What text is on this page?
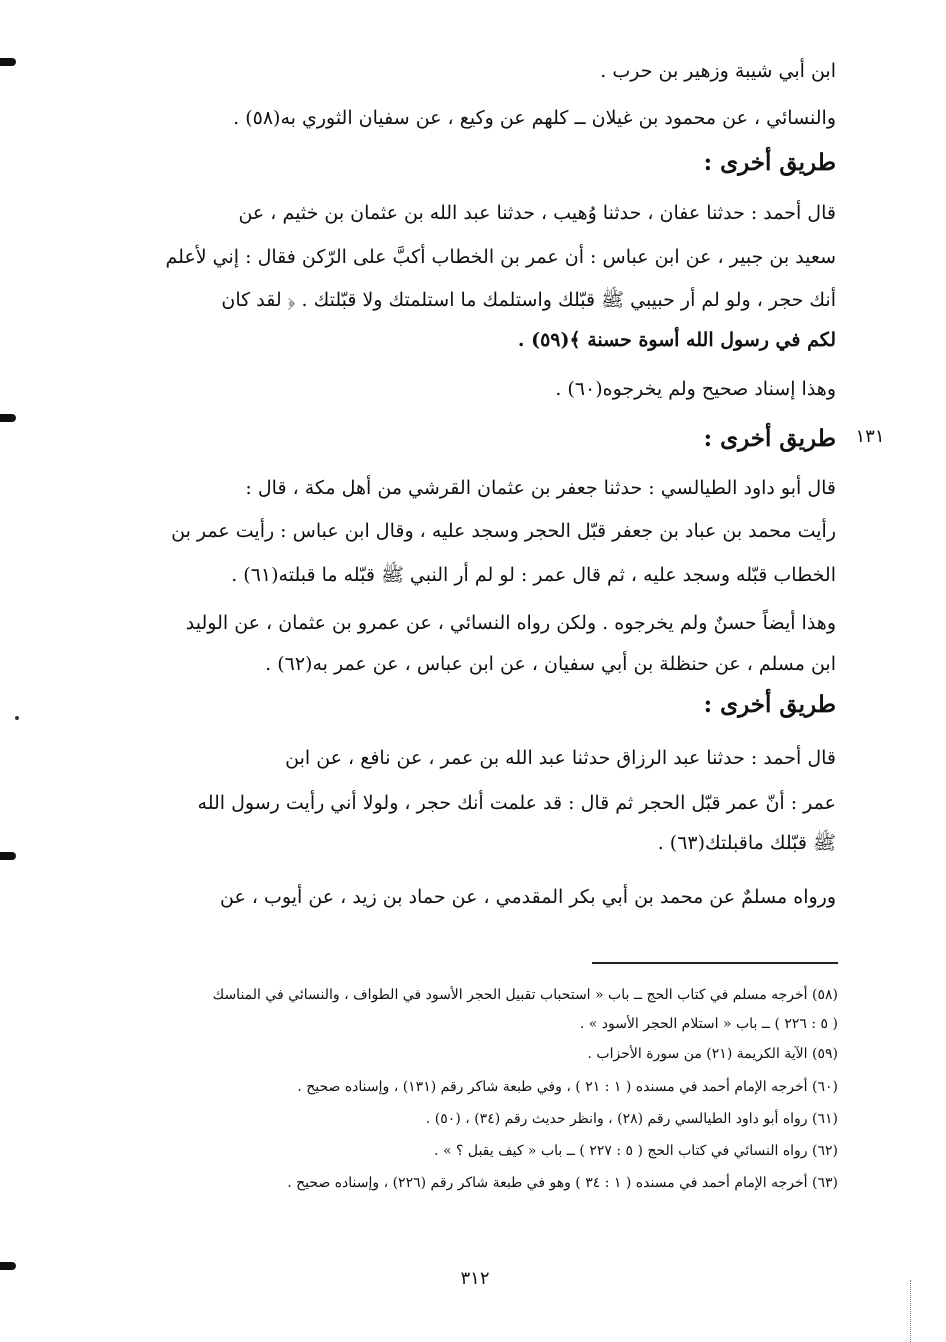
ابن أبي شيبة وزهير بن حرب .
والنسائي ، عن محمود بن غيلان ــ كلهم عن وكيع ، عن سفيان الثوري به(٥٨) .
طريق أخرى :
قال أحمد : حدثنا عفان ، حدثنا وُهيب ، حدثنا عبد الله بن عثمان بن خثيم ، عن
سعيد بن جبير ، عن ابن عباس : أن عمر بن الخطاب أكبَّ على الرّكن فقال : إني لأعلم
أنك حجر ، ولو لم أر حبيبي ﷺ قبّلك واستلمك ما استلمتك ولا قبّلتك . ﴿ لقد كان
لكم في رسول الله أسوة حسنة ﴾(٥٩) .
وهذا إسناد صحيح ولم يخرجوه(٦٠) .
١٣١
طريق أخرى :
قال أبو داود الطيالسي : حدثنا جعفر بن عثمان القرشي من أهل مكة ، قال :
رأيت محمد بن عباد بن جعفر قبّل الحجر وسجد عليه ، وقال ابن عباس : رأيت عمر بن
الخطاب قبّله وسجد عليه ، ثم قال عمر : لو لم أر النبي ﷺ قبّله ما قبلته(٦١) .
وهذا أيضاً حسنٌ ولم يخرجوه . ولكن رواه النسائي ، عن عمرو بن عثمان ، عن الوليد
ابن مسلم ، عن حنظلة بن أبي سفيان ، عن ابن عباس ، عن عمر به(٦٢) .
طريق أخرى :
قال أحمد : حدثنا عبد الرزاق حدثنا عبد الله بن عمر ، عن نافع ، عن ابن
عمر : أنّ عمر قبّل الحجر ثم قال : قد علمت أنك حجر ، ولولا أني رأيت رسول الله
ﷺ قبّلك ماقبلتك(٦٣) .
ورواه مسلمٌ عن محمد بن أبي بكر المقدمي ، عن حماد بن زيد ، عن أيوب ، عن
(٥٨) أخرجه مسلم في كتاب الحج ــ باب « استحباب تقبيل الحجر الأسود في الطواف ، والنسائي في المناسك
( ٥ : ٢٢٦ ) ــ باب « استلام الحجر الأسود » .
(٥٩) الآية الكريمة (٢١) من سورة الأحزاب .
(٦٠) أخرجه الإمام أحمد في مسنده ( ١ : ٢١ ) ، وفي طبعة شاكر رقم (١٣١) ، وإسناده صحيح .
(٦١) رواه أبو داود الطيالسي رقم (٢٨) ، وانظر حديث رقم (٣٤) ، (٥٠) .
(٦٢) رواه النسائي في كتاب الحج ( ٥ : ٢٢٧ ) ــ باب « كيف يقبل ؟ » .
(٦٣) أخرجه الإمام أحمد في مسنده ( ١ : ٣٤ ) وهو في طبعة شاكر رقم (٢٢٦) ، وإسناده صحيح .
٣١٢
